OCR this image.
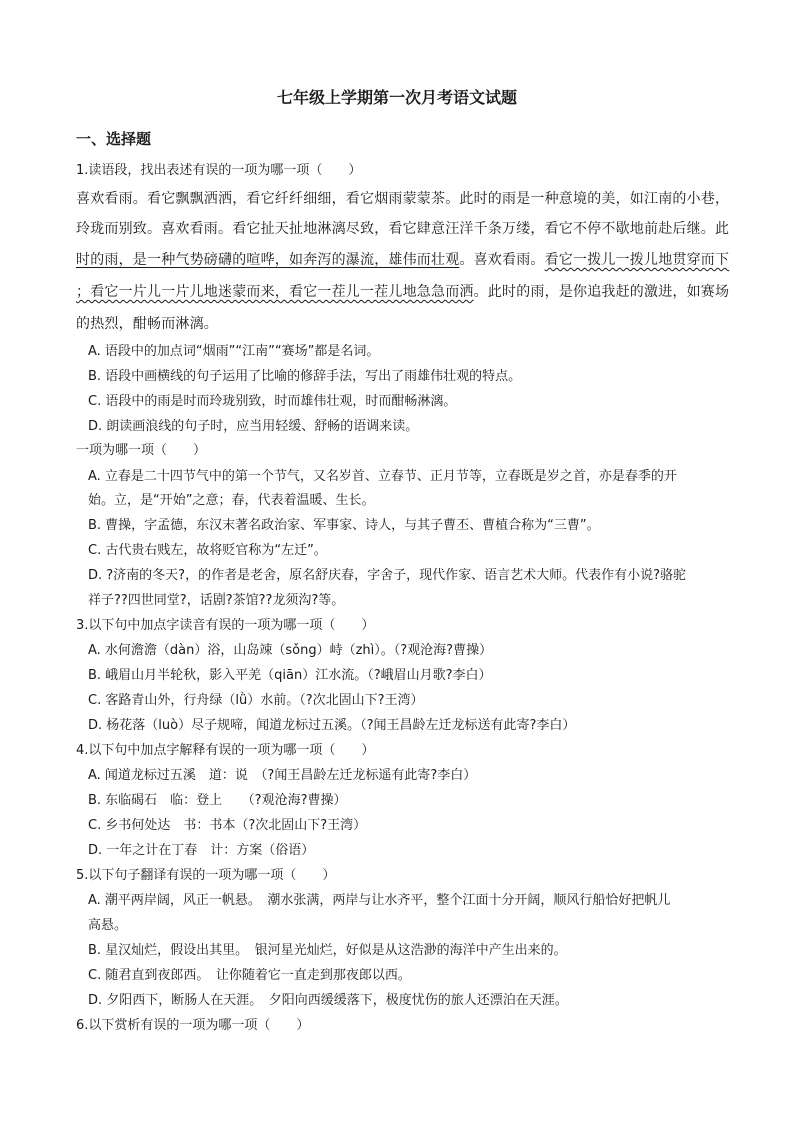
七年级上学期第一次月考语文试题
一、选择题
1.读语段，找出表述有误的一项为哪一项（　　）
喜欢看雨。看它飘飘洒洒，看它纤纤细细，看它烟雨蒙蒙茶。此时的雨是一种意境的美，如江南的小巷，
玲珑而别致。喜欢看雨。看它扯天扯地淋漓尽致，看它肆意汪洋千条万缕，看它不停不歇地前赴后继。此
时的雨，是一种气势磅礴的喧哗，如奔泻的瀑流，雄伟而壮观。喜欢看雨。看它一拨儿一拨儿地贯穿而下
；看它一片儿一片儿地迷蒙而来，看它一茬儿一茬儿地急急而洒。此时的雨，是你追我赶的激进，如赛场
的热烈，酣畅而淋漓。
A. 语段中的加点词“烟雨”“江南”“赛场”都是名词。
B. 语段中画横线的句子运用了比喻的修辞手法，写出了雨雄伟壮观的特点。
C. 语段中的雨是时而玲珑别致，时而雄伟壮观，时而酣畅淋漓。
D. 朗读画浪线的句子时，应当用轻缓、舒畅的语调来读。
一项为哪一项（　　）
A. 立春是二十四节气中的第一个节气，又名岁首、立春节、正月节等，立春既是岁之首，亦是春季的开
始。立，是“开始”之意；春，代表着温暖、生长。
B. 曹操，字孟德，东汉末著名政治家、军事家、诗人，与其子曹丕、曹植合称为“三曹”。
C. 古代贵右贱左，故将贬官称为“左迁”。
D. ?济南的冬天?，的作者是老舍，原名舒庆春，字舍子，现代作家、语言艺术大师。代表作有小说?骆驼
祥子??四世同堂?，话剧?茶馆??龙须沟?等。
3.以下句中加点字读音有误的一项为哪一项（　　）
A. 水何澹澹（dàn）浴，山岛竦（sǒng）峙（zhì）。（?观沧海?曹操）
B. 峨眉山月半轮秋，影入平羌（qiān）江水流。（?峨眉山月歌?李白）
C. 客路青山外，行舟绿（lǜ）水前。（?次北固山下?王湾）
D. 杨花落（luò）尽子规啼，闻道龙标过五溪。（?闻王昌龄左迁龙标送有此寄?李白）
4.以下句中加点字解释有误的一项为哪一项（　　）
A. 闻道龙标过五溪　道：说　（?闻王昌龄左迁龙标遥有此寄?李白）
B. 东临碣石　临：登上　　（?观沧海?曹操）
C. 乡书何处达　书：书本（?次北固山下?王湾）
D. 一年之计在丁春　计：方案（俗语）
5.以下句子翻译有误的一项为哪一项（　　）
A. 潮平两岸阔，风正一帆悬。　潮水张满，两岸与让水齐平，整个江面十分开阔，顺风行船恰好把帆儿
高悬。
B. 星汉灿烂，假设出其里。　银河星光灿烂，好似是从这浩渺的海洋中产生出来的。
C. 随君直到夜郎西。　让你随着它一直走到那夜郎以西。
D. 夕阳西下，断肠人在天涯。　夕阳向西缓缓落下，极度忧伤的旅人还漂泊在天涯。
6.以下赏析有误的一项为哪一项（　　）
